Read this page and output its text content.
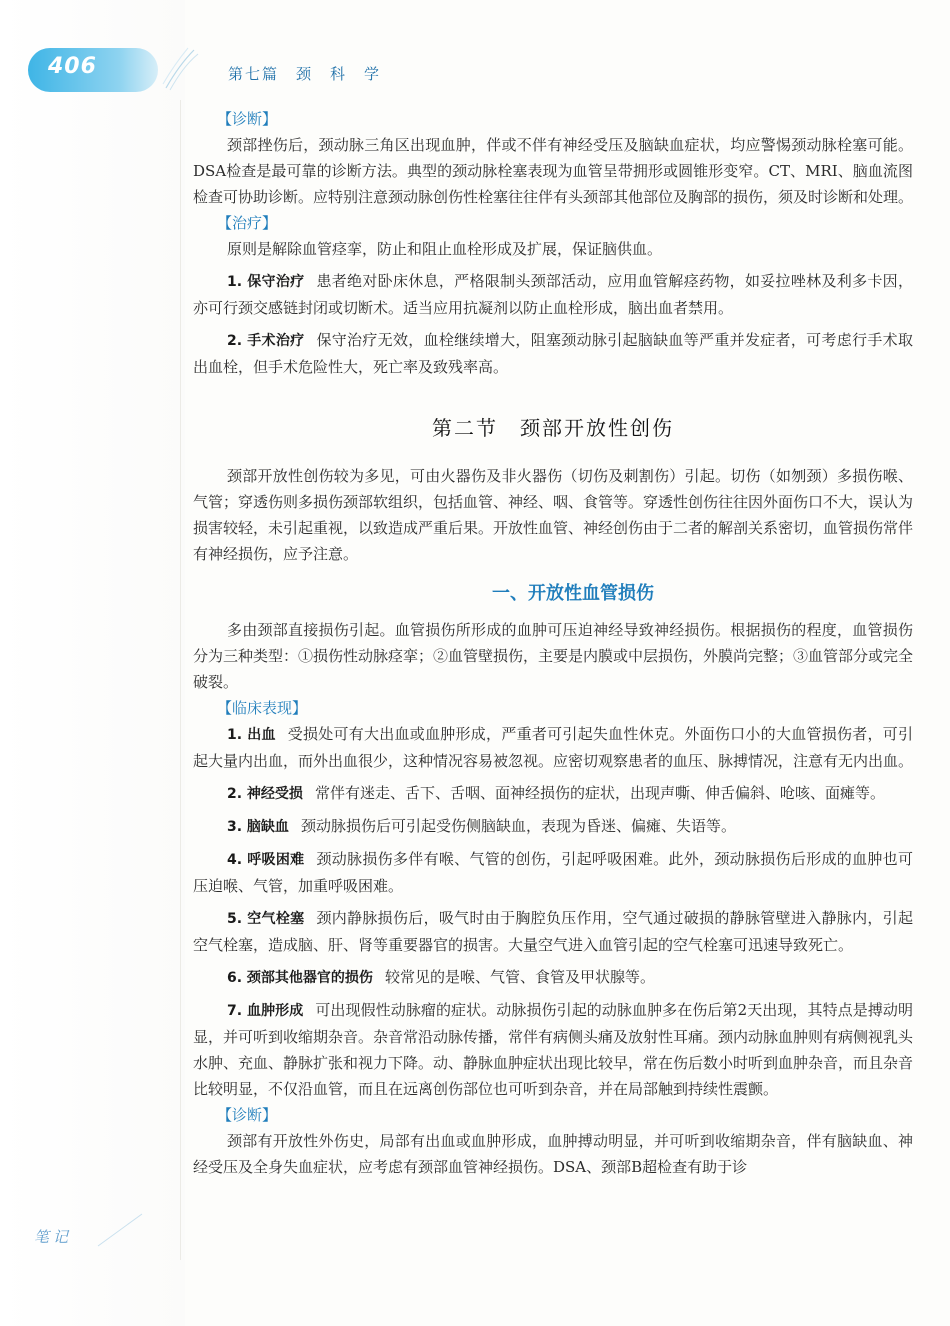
406	第七篇　颈　科　学
【诊断】

颈部挫伤后，颈动脉三角区出现血肿，伴或不伴有神经受压及脑缺血症状，均应警惕颈动脉栓塞可能。DSA检查是最可靠的诊断方法。典型的颈动脉栓塞表现为血管呈带拥形或圆锥形变窄。CT、MRI、脑血流图检查可协助诊断。应特别注意颈动脉创伤性栓塞往往伴有头颈部其他部位及胸部的损伤，须及时诊断和处理。

【治疗】

原则是解除血管痉挛，防止和阻止血栓形成及扩展，保证脑供血。

1. 保守治疗 患者绝对卧床休息，严格限制头颈部活动，应用血管解痉药物，如妥拉唑林及利多卡因，亦可行颈交感链封闭或切断术。适当应用抗凝剂以防止血栓形成，脑出血者禁用。

2. 手术治疗 保守治疗无效，血栓继续增大，阻塞颈动脉引起脑缺血等严重并发症者，可考虑行手术取出血栓，但手术危险性大，死亡率及致残率高。

第二节　颈部开放性创伤

颈部开放性创伤较为多见，可由火器伤及非火器伤（切伤及刺割伤）引起。切伤（如刎颈）多损伤喉、气管；穿透伤则多损伤颈部软组织，包括血管、神经、咽、食管等。穿透性创伤往往因外面伤口不大，误认为损害较轻，未引起重视，以致造成严重后果。开放性血管、神经创伤由于二者的解剖关系密切，血管损伤常伴有神经损伤，应予注意。

一、开放性血管损伤

多由颈部直接损伤引起。血管损伤所形成的血肿可压迫神经导致神经损伤。根据损伤的程度，血管损伤分为三种类型：①损伤性动脉痉挛；②血管壁损伤，主要是内膜或中层损伤，外膜尚完整；③血管部分或完全破裂。

【临床表现】

1. 出血 受损处可有大出血或血肿形成，严重者可引起失血性休克。外面伤口小的大血管损伤者，可引起大量内出血，而外出血很少，这种情况容易被忽视。应密切观察患者的血压、脉搏情况，注意有无内出血。

2. 神经受损 常伴有迷走、舌下、舌咽、面神经损伤的症状，出现声嘶、伸舌偏斜、呛咳、面瘫等。

3. 脑缺血 颈动脉损伤后可引起受伤侧脑缺血，表现为昏迷、偏瘫、失语等。

4. 呼吸困难 颈动脉损伤多伴有喉、气管的创伤，引起呼吸困难。此外，颈动脉损伤后形成的血肿也可压迫喉、气管，加重呼吸困难。

5. 空气栓塞 颈内静脉损伤后，吸气时由于胸腔负压作用，空气通过破损的静脉管壁进入静脉内，引起空气栓塞，造成脑、肝、肾等重要器官的损害。大量空气进入血管引起的空气栓塞可迅速导致死亡。

6. 颈部其他器官的损伤 较常见的是喉、气管、食管及甲状腺等。

7. 血肿形成 可出现假性动脉瘤的症状。动脉损伤引起的动脉血肿多在伤后第2天出现，其特点是搏动明显，并可听到收缩期杂音。杂音常沿动脉传播，常伴有病侧头痛及放射性耳痛。颈内动脉血肿则有病侧视乳头水肿、充血、静脉扩张和视力下降。动、静脉血肿症状出现比较早，常在伤后数小时听到血肿杂音，而且杂音比较明显，不仅沿血管，而且在远离创伤部位也可听到杂音，并在局部触到持续性震颤。

【诊断】

颈部有开放性外伤史，局部有出血或血肿形成，血肿搏动明显，并可听到收缩期杂音，伴有脑缺血、神经受压及全身失血症状，应考虑有颈部血管神经损伤。DSA、颈部B超检查有助于诊

笔记
